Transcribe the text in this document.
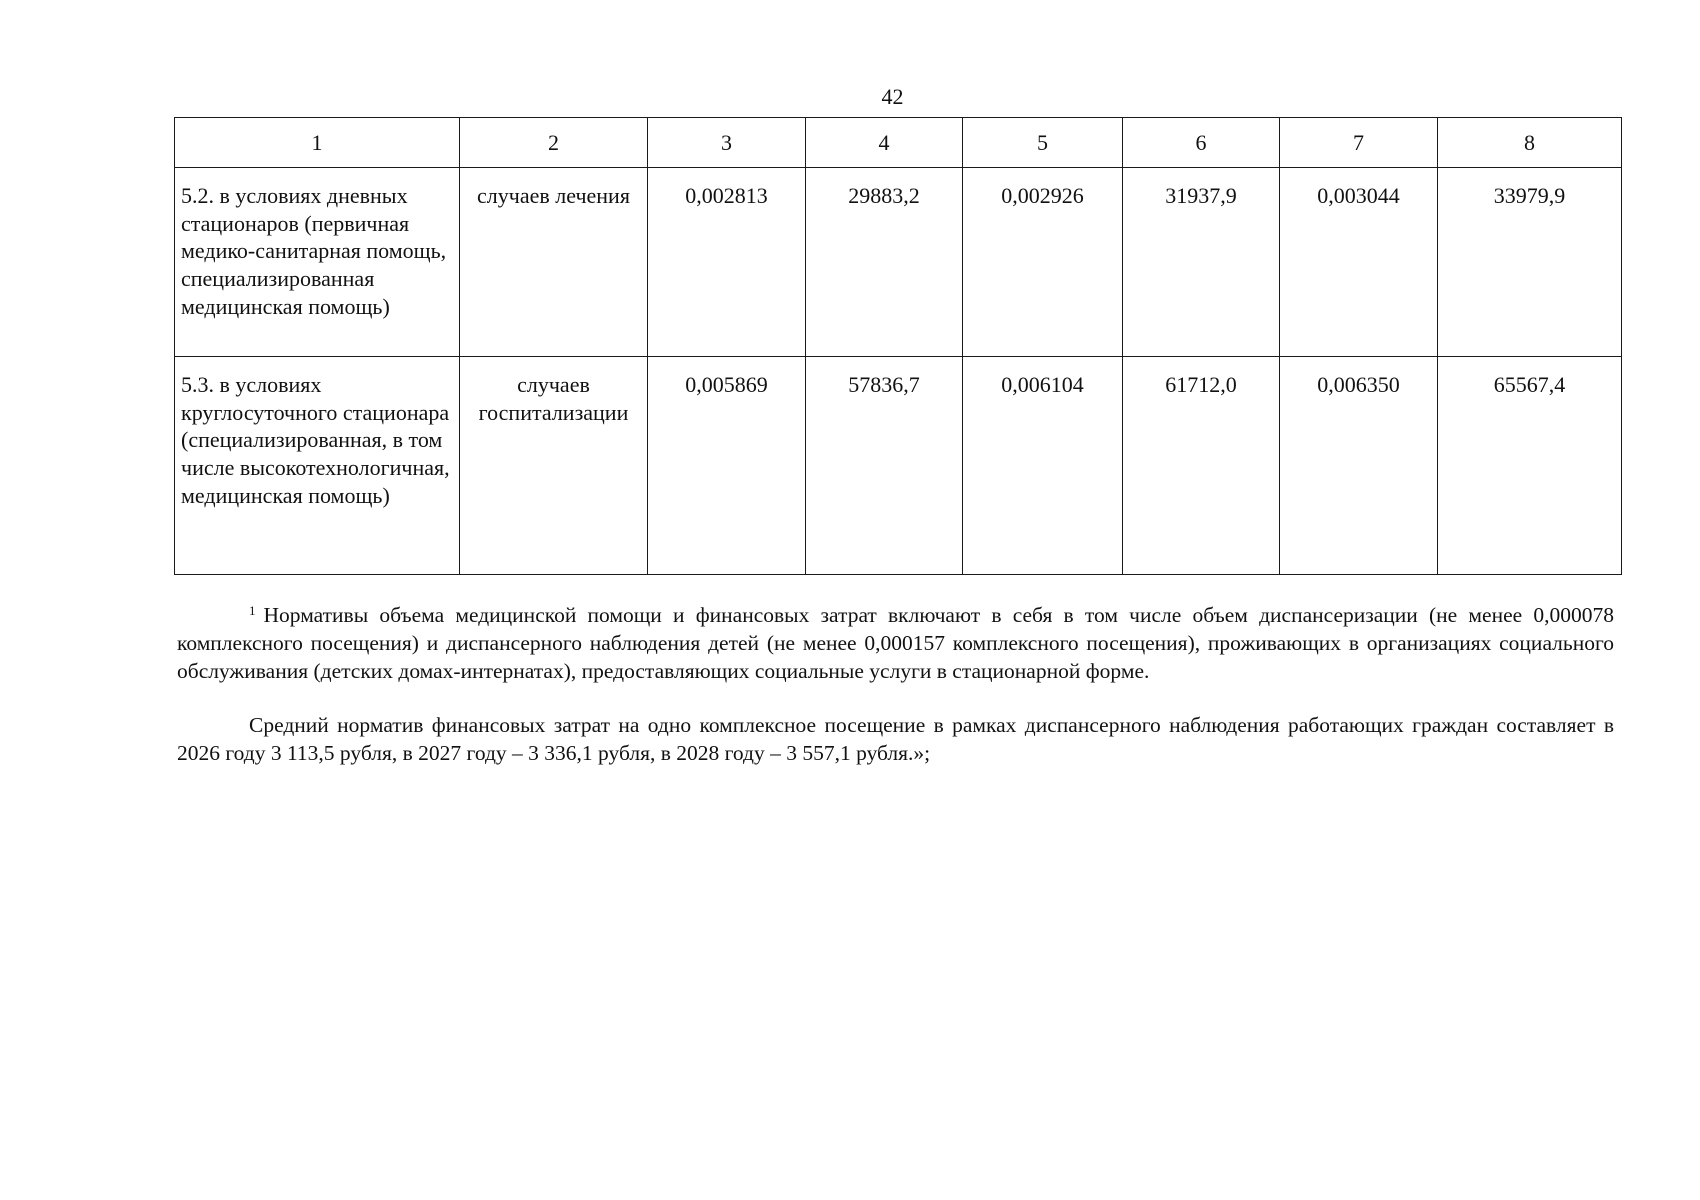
42
1	2	3	4	5	6	7	8
5.2. в условиях дневных стационаров (первичная медико-санитарная помощь, специализированная медицинская помощь)	случаев лечения	0,002813	29883,2	0,002926	31937,9	0,003044	33979,9
5.3. в условиях круглосуточного стационара (специализированная, в том числе высокотехнологичная, медицинская помощь)	случаев госпитализации	0,005869	57836,7	0,006104	61712,0	0,006350	65567,4

$^1$ Нормативы объема медицинской помощи и финансовых затрат включают в себя в том числе объем диспансеризации (не менее 0,000078 комплексного посещения) и диспансерного наблюдения детей (не менее 0,000157 комплексного посещения), проживающих в организациях социального обслуживания (детских домах-интернатах), предоставляющих социальные услуги в стационарной форме.

Средний норматив финансовых затрат на одно комплексное посещение в рамках диспансерного наблюдения работающих граждан составляет в 2026 году 3 113,5 рубля, в 2027 году – 3 336,1 рубля, в 2028 году – 3 557,1 рубля.»;
